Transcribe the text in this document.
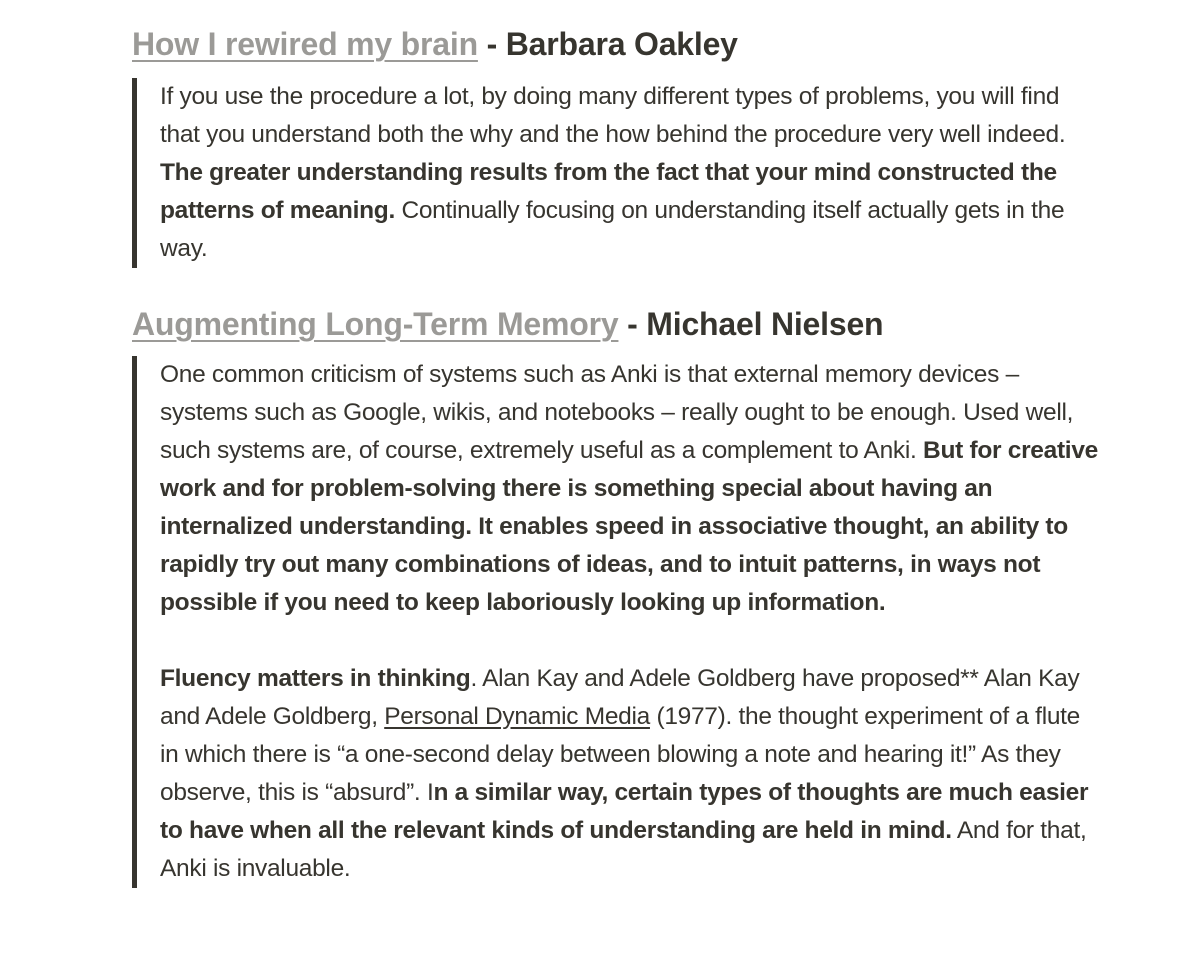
How I rewired my brain - Barbara Oakley

If you use the procedure a lot, by doing many different types of problems, you will find that you understand both the why and the how behind the procedure very well indeed. The greater understanding results from the fact that your mind constructed the patterns of meaning. Continually focusing on understanding itself actually gets in the way.

Augmenting Long-Term Memory - Michael Nielsen

One common criticism of systems such as Anki is that external memory devices – systems such as Google, wikis, and notebooks – really ought to be enough. Used well, such systems are, of course, extremely useful as a complement to Anki. But for creative work and for problem-solving there is something special about having an internalized understanding. It enables speed in associative thought, an ability to rapidly try out many combinations of ideas, and to intuit patterns, in ways not possible if you need to keep laboriously looking up information.

Fluency matters in thinking. Alan Kay and Adele Goldberg have proposed** Alan Kay and Adele Goldberg, Personal Dynamic Media (1977). the thought experiment of a flute in which there is “a one-second delay between blowing a note and hearing it!” As they observe, this is “absurd”. In a similar way, certain types of thoughts are much easier to have when all the relevant kinds of understanding are held in mind. And for that, Anki is invaluable.
